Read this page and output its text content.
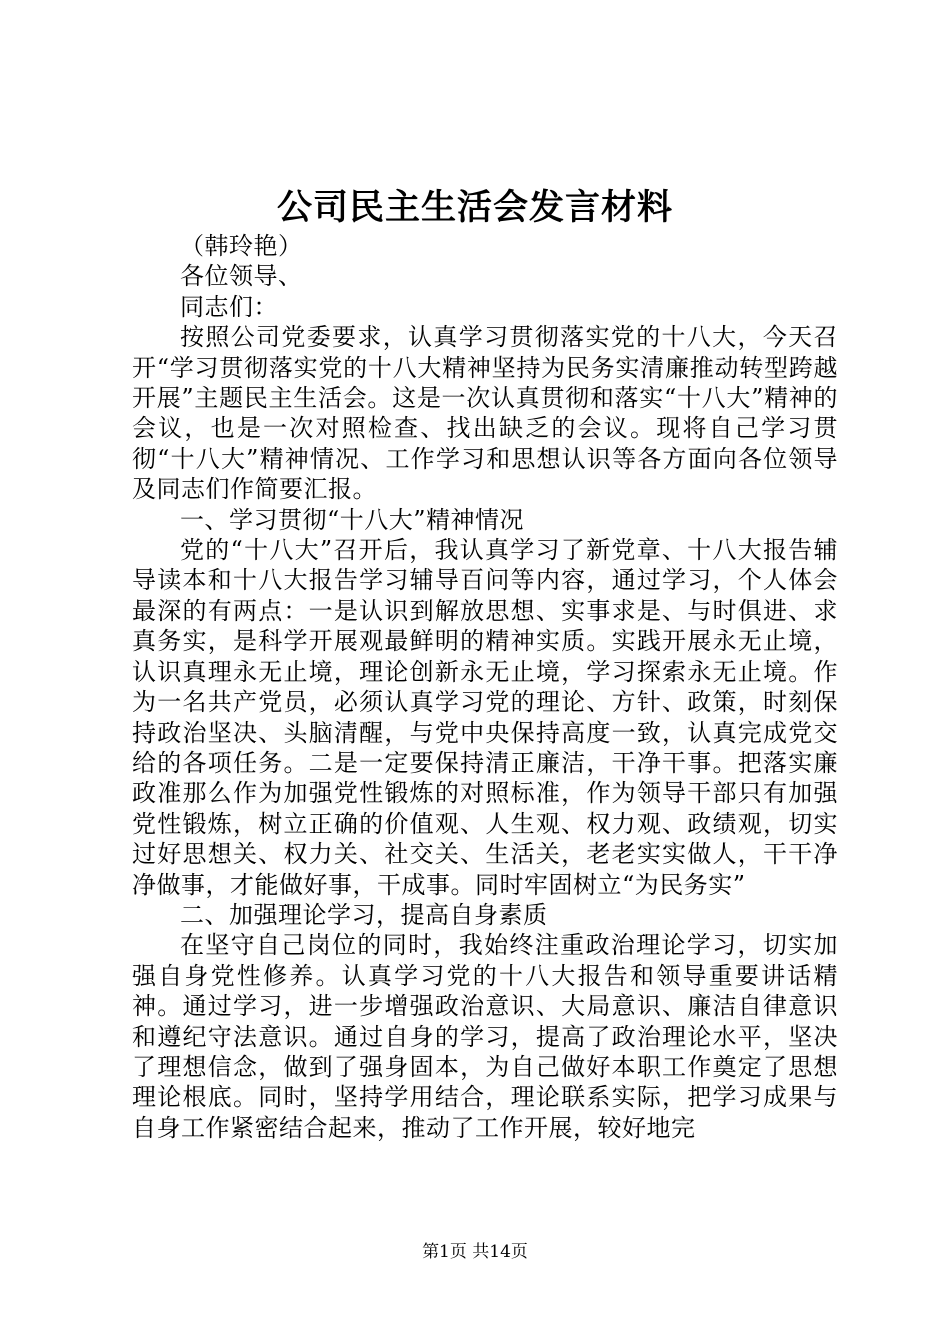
公司民主生活会发言材料

（韩玲艳）

各位领导、

同志们：

按照公司党委要求，认真学习贯彻落实党的十八大，今天召开“学习贯彻落实党的十八大精神坚持为民务实清廉推动转型跨越开展”主题民主生活会。这是一次认真贯彻和落实“十八大”精神的会议，也是一次对照检查、找出缺乏的会议。现将自己学习贯彻“十八大”精神情况、工作学习和思想认识等各方面向各位领导及同志们作简要汇报。

一、学习贯彻“十八大”精神情况

党的“十八大”召开后，我认真学习了新党章、十八大报告辅导读本和十八大报告学习辅导百问等内容，通过学习，个人体会最深的有两点：一是认识到解放思想、实事求是、与时俱进、求真务实，是科学开展观最鲜明的精神实质。实践开展永无止境，认识真理永无止境，理论创新永无止境，学习探索永无止境。作为一名共产党员，必须认真学习党的理论、方针、政策，时刻保持政治坚决、头脑清醒，与党中央保持高度一致，认真完成党交给的各项任务。二是一定要保持清正廉洁，干净干事。把落实廉政准那么作为加强党性锻炼的对照标准，作为领导干部只有加强党性锻炼，树立正确的价值观、人生观、权力观、政绩观，切实过好思想关、权力关、社交关、生活关，老老实实做人，干干净净做事，才能做好事，干成事。同时牢固树立“为民务实”

二、加强理论学习，提高自身素质

在坚守自己岗位的同时，我始终注重政治理论学习，切实加强自身党性修养。认真学习党的十八大报告和领导重要讲话精神。通过学习，进一步增强政治意识、大局意识、廉洁自律意识和遵纪守法意识。通过自身的学习，提高了政治理论水平，坚决了理想信念，做到了强身固本，为自己做好本职工作奠定了思想理论根底。同时，坚持学用结合，理论联系实际，把学习成果与自身工作紧密结合起来，推动了工作开展，较好地完

第1页 共14页
